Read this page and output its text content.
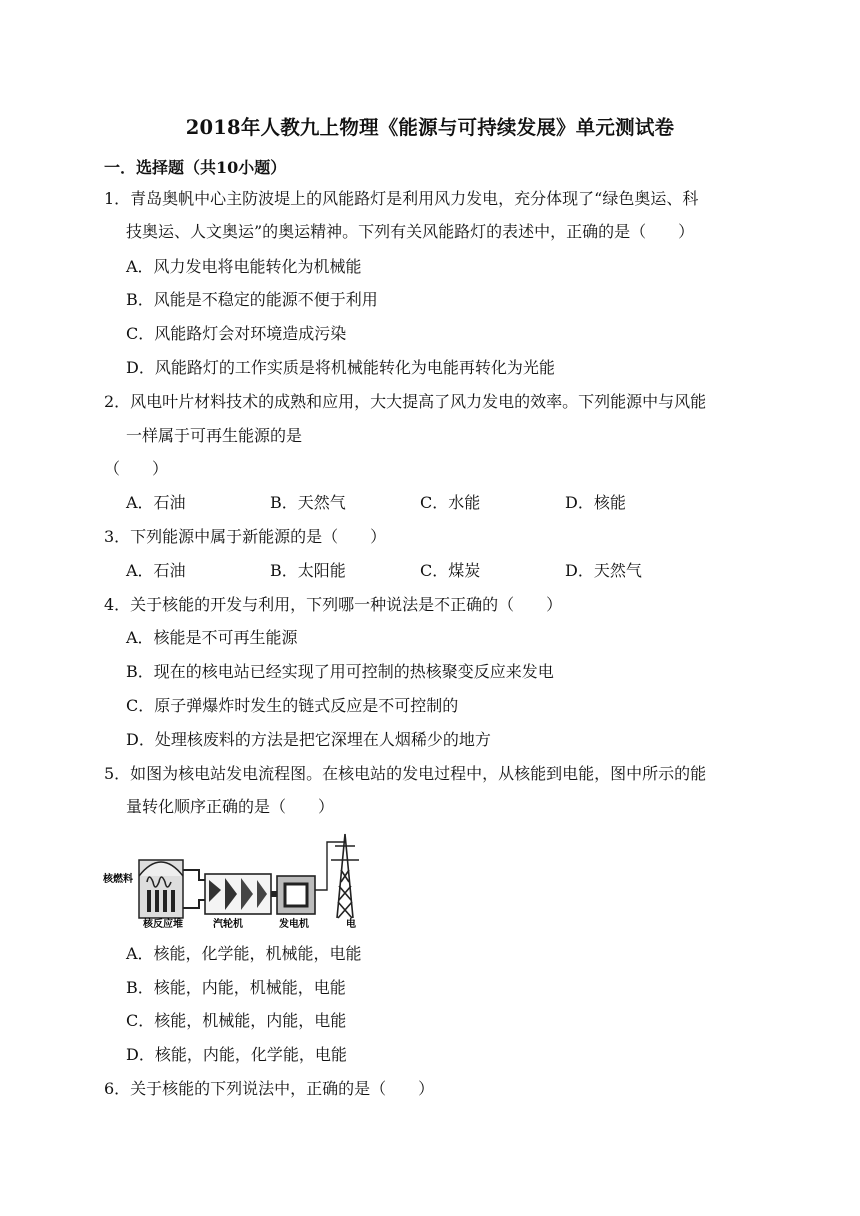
2018年人教九上物理《能源与可持续发展》单元测试卷
一．选择题（共10小题）
1．青岛奥帆中心主防波堤上的风能路灯是利用风力发电，充分体现了“绿色奥运、科
技奥运、人文奥运”的奥运精神。下列有关风能路灯的表述中，正确的是（　　）
A．风力发电将电能转化为机械能
B．风能是不稳定的能源不便于利用
C．风能路灯会对环境造成污染
D．风能路灯的工作实质是将机械能转化为电能再转化为光能
2．风电叶片材料技术的成熟和应用，大大提高了风力发电的效率。下列能源中与风能
一样属于可再生能源的是
（　　）
A．石油	B．天然气	C．水能	D．核能
3．下列能源中属于新能源的是（　　）
A．石油	B．太阳能	C．煤炭	D．天然气
4．关于核能的开发与利用，下列哪一种说法是不正确的（　　）
A．核能是不可再生能源
B．现在的核电站已经实现了用可控制的热核聚变反应来发电
C．原子弹爆炸时发生的链式反应是不可控制的
D．处理核废料的方法是把它深埋在人烟稀少的地方
5．如图为核电站发电流程图。在核电站的发电过程中，从核能到电能，图中所示的能
量转化顺序正确的是（　　）
核燃料
核反应堆	汽轮机	发电机	电
A．核能，化学能，机械能，电能
B．核能，内能，机械能，电能
C．核能，机械能，内能，电能
D．核能，内能，化学能，电能
6．关于核能的下列说法中，正确的是（　　）
